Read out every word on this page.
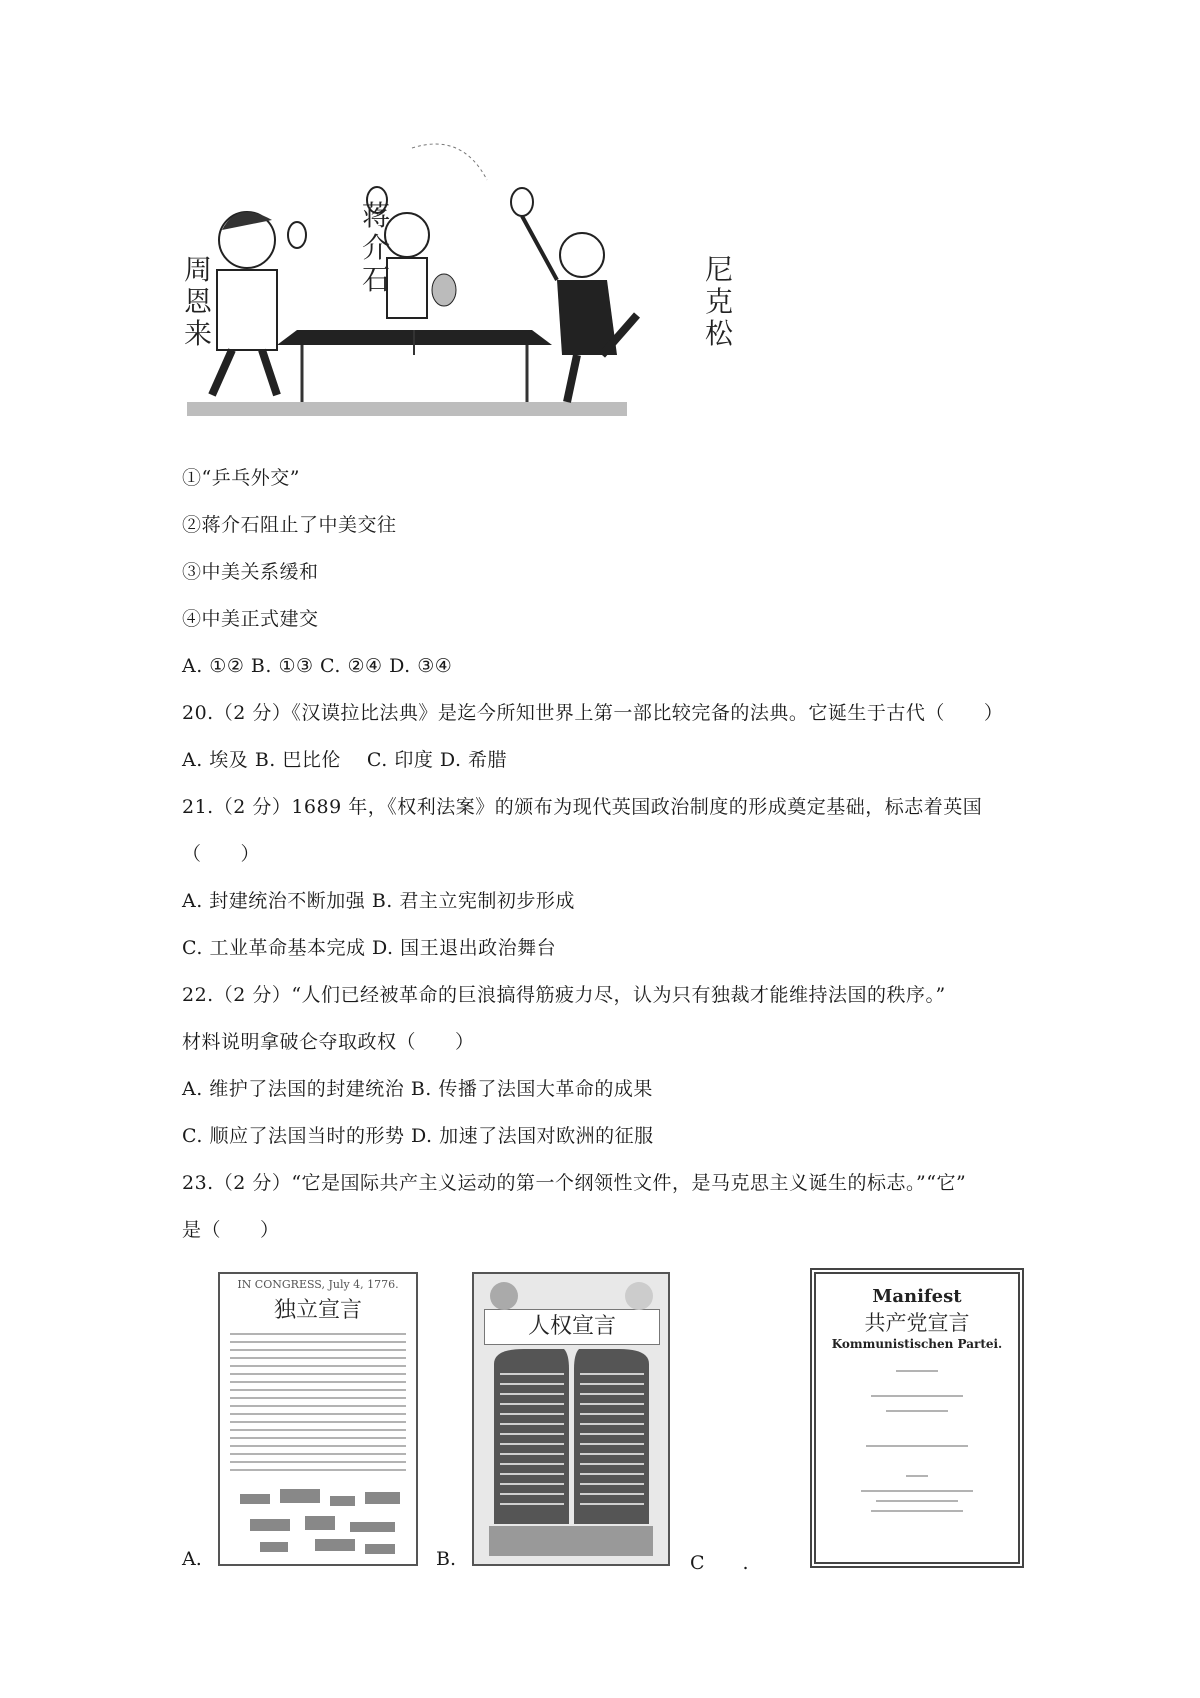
周恩来
蒋介石	尼克松
①“乒乓外交”
②蒋介石阻止了中美交往
③中美关系缓和
④中美正式建交
A. ①② B. ①③ C. ②④ D. ③④
20.（2 分）《汉谟拉比法典》是迄今所知世界上第一部比较完备的法典。它诞生于古代（　　）
A. 埃及 B. 巴比伦　 C. 印度 D. 希腊
21.（2 分）1689 年，《权利法案》的颁布为现代英国政治制度的形成奠定基础，标志着英国
（　　）
A. 封建统治不断加强 B. 君主立宪制初步形成
C. 工业革命基本完成 D. 国王退出政治舞台
22.（2 分）“人们已经被革命的巨浪搞得筋疲力尽，认为只有独裁才能维持法国的秩序。”
材料说明拿破仑夺取政权（　　）
A. 维护了法国的封建统治 B. 传播了法国大革命的成果
C. 顺应了法国当时的形势 D. 加速了法国对欧洲的征服
23.（2 分）“它是国际共产主义运动的第一个纲领性文件，是马克思主义诞生的标志。”“它”
是（　　）
A.
IN CONGRESS, July 4, 1776.
独立宣言
B.
人权宣言
C　　.
Manifest
共产党宣言
Kommunistischen Partei.
